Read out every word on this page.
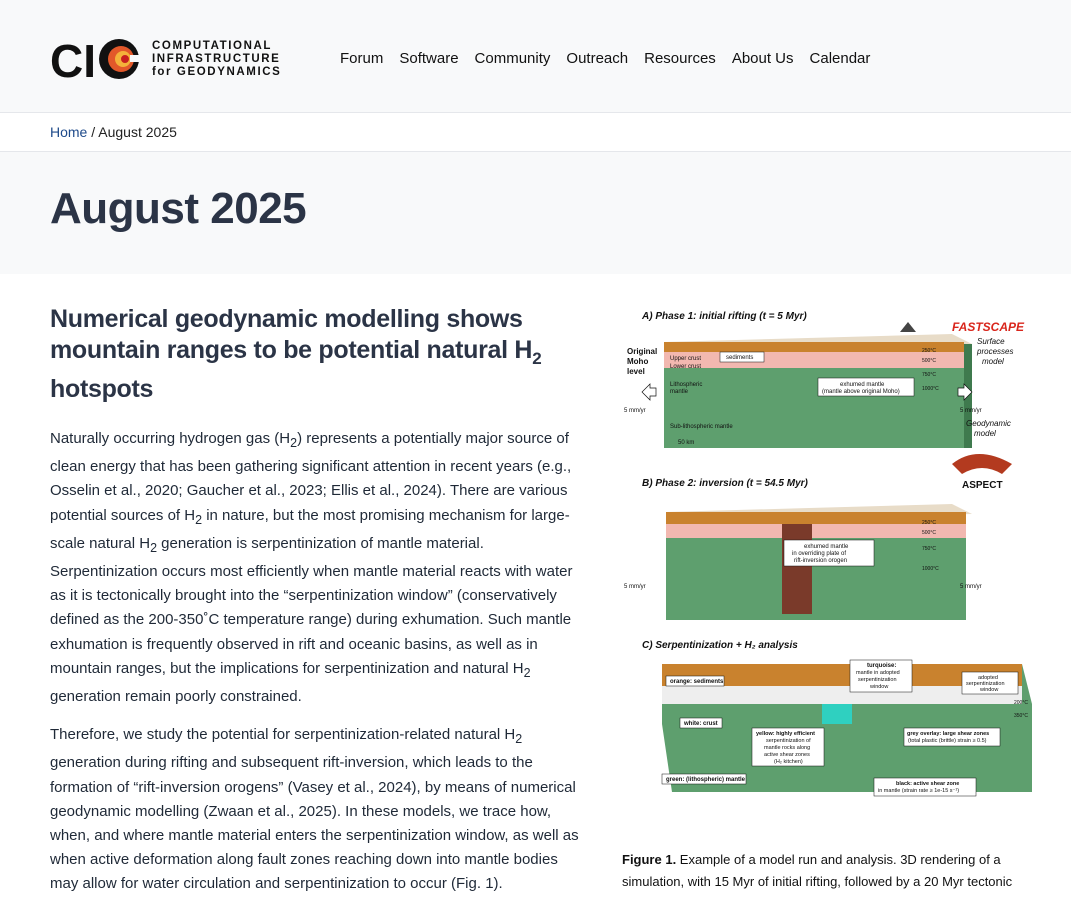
CI	COMPUTATIONAL
INFRASTRUCTURE
for GEODYNAMICS
Forum Software Community Outreach Resources About Us Calendar
Home / August 2025
August 2025
Numerical geodynamic modelling shows mountain ranges to be potential natural $H_2$ hotspots

Naturally occurring hydrogen gas $(H_2)$ represents a potentially major source of clean energy that has been gathering significant attention in recent years (e.g., Osselin et al., 2020; Gaucher et al., 2023; Ellis et al., 2024). There are various potential sources of $H_2$ in nature, but the most promising mechanism for large-scale natural $H_2$ generation is serpentinization of mantle material. Serpentinization occurs most efficiently when mantle material reacts with water as it is tectonically brought into the “serpentinization window” (conservatively defined as the 200-350˚C temperature range) during exhumation. Such mantle exhumation is frequently observed in rift and oceanic basins, as well as in mountain ranges, but the implications for serpentinization and natural $H_2$ generation remain poorly constrained.

Therefore, we study the potential for serpentinization-related natural $H_2$ generation during rifting and subsequent rift-inversion, which leads to the formation of “rift-inversion orogens” (Vasey et al., 2024), by means of numerical geodynamic modelling (Zwaan et al., 2025). In these models, we trace how, when, and where mantle material enters the serpentinization window, as well as when active deformation along fault zones reaching down into mantle bodies may allow for water circulation and serpentinization to occur (Fig. 1).

A) Phase 1: initial rifting (t = 5 Myr)
FASTSCAPE
Surface
processes
model
Original
Moho
level
Upper crust
Lower crust
sediments
Lithospheric
mantle
exhumed mantle
(mantle above original Moho)
Sub-lithospheric mantle
50 km
250°C
500°C
750°C
1000°C
5 mm/yr	5 mm/yr
Geodynamic
model
ASPECT
B) Phase 2: inversion (t = 54.5 Myr)
exhumed mantle
in overriding plate of
rift-inversion orogen
250°C
500°C
750°C
1000°C
5 mm/yr	5 mm/yr
C) Serpentinization + H₂ analysis
orange: sediments
white: crust
green: (lithospheric) mantle
turquoise:
mantle in adopted
serpentinization
window
adopted
serpentinization
window
200°C
350°C
yellow: highly efficient
serpentinization of
mantle rocks along
active shear zones
(H₂ kitchen)
grey overlay: large shear zones
(total plastic (brittle) strain ≥ 0.5)
black: active shear zone
in mantle (strain rate ≥ 1e-15 s⁻¹)
Figure 1. Example of a model run and analysis. 3D rendering of a simulation, with 15 Myr of initial rifting, followed by a 20 Myr tectonic
